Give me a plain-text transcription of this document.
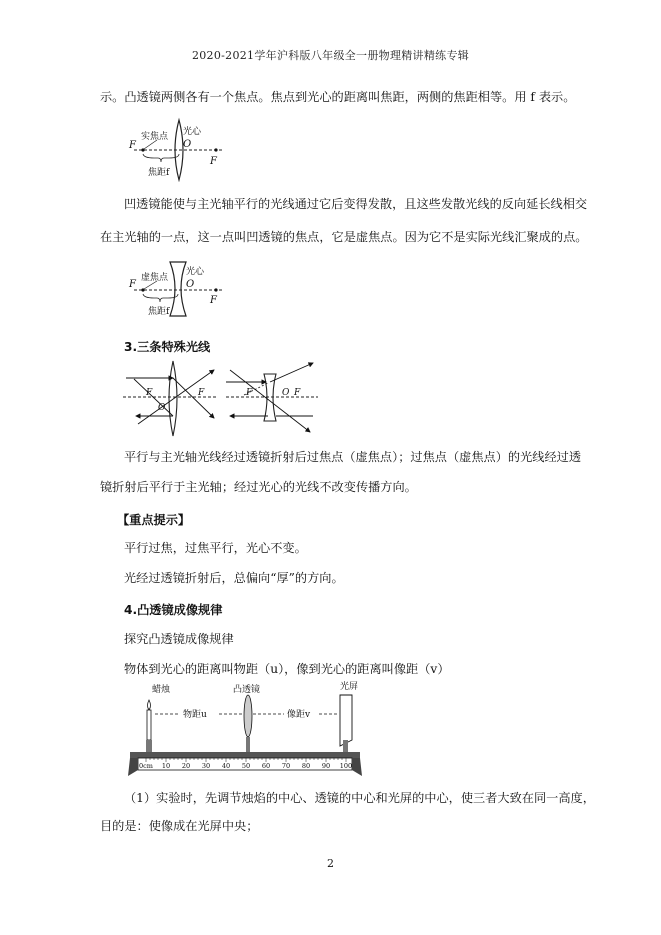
2020-2021学年沪科版八年级全一册物理精讲精练专辑
示。凸透镜两侧各有一个焦点。焦点到光心的距离叫焦距，两侧的焦距相等。用 f 表示。
F
实焦点 光心
O
F
焦距f
凹透镜能使与主光轴平行的光线通过它后变得发散，且这些发散光线的反向延长线相交
在主光轴的一点，这一点叫凹透镜的焦点，它是虚焦点。因为它不是实际光线汇聚成的点。
F
虚焦点
光心
O
F
焦距f
3.三条特殊光线
F	F
O
F	O F
平行与主光轴光线经过透镜折射后过焦点（虚焦点）；过焦点（虚焦点）的光线经过透
镜折射后平行于主光轴；经过光心的光线不改变传播方向。
【重点提示】
平行过焦，过焦平行，光心不变。
光经过透镜折射后，总偏向“厚”的方向。
4.凸透镜成像规律
探究凸透镜成像规律
物体到光心的距离叫物距（u），像到光心的距离叫像距（v）
蜡烛	凸透镜	光屏
物距u	像距v
0cm 10 20 30 40 50 60 70 80 90 100
（1）实验时，先调节烛焰的中心、透镜的中心和光屏的中心，使三者大致在同一高度，
目的是：使像成在光屏中央；
2
